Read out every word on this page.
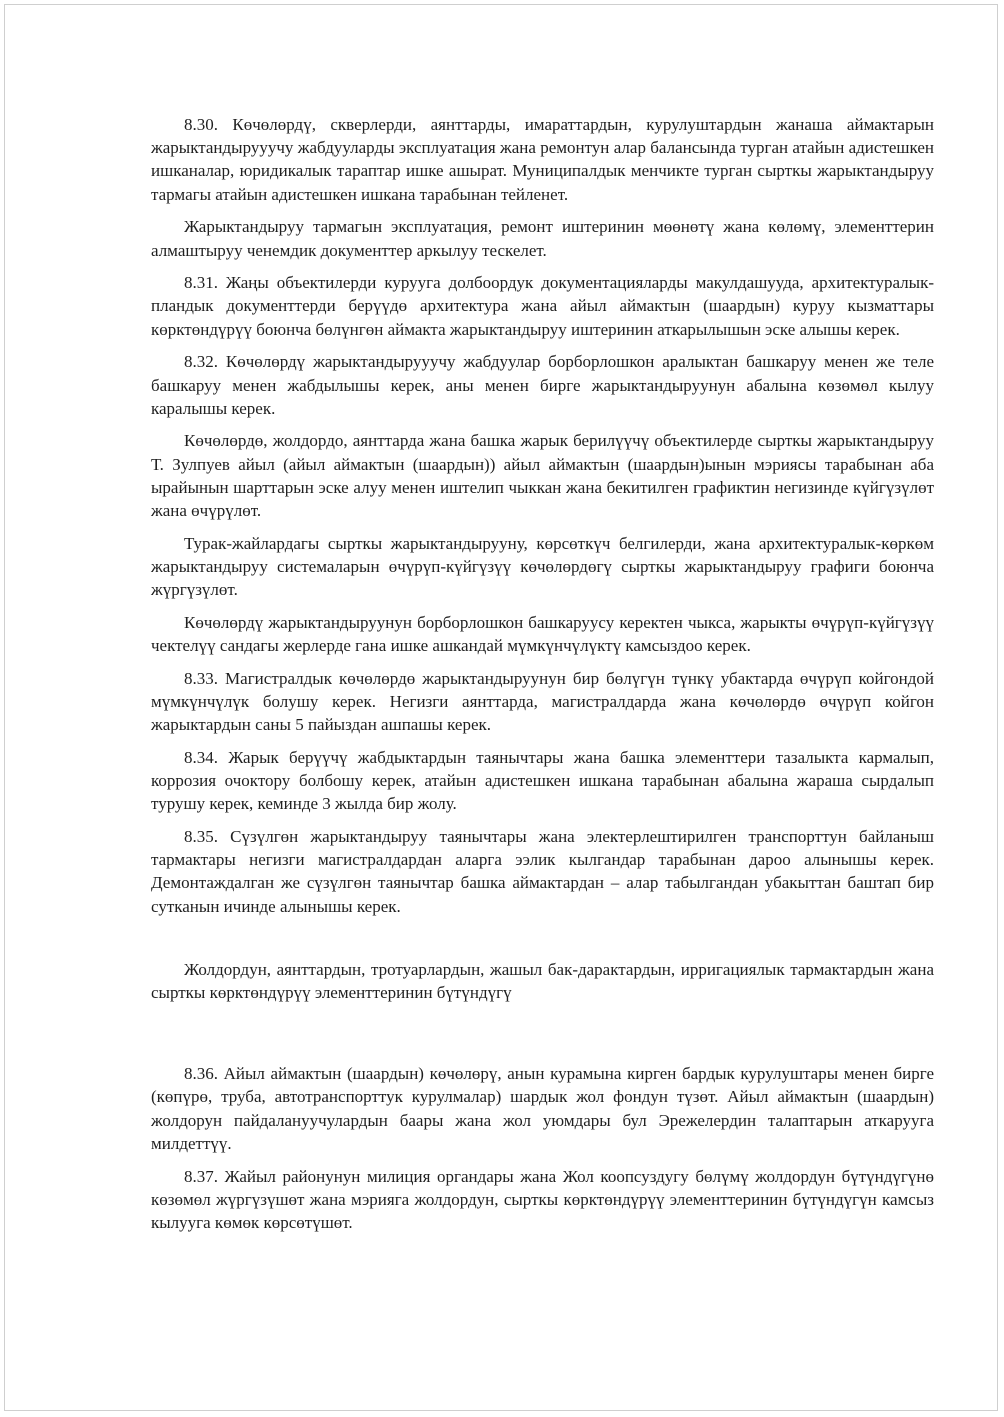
8.30. Көчөлөрдү, скверлерди, аянттарды, имараттардын, курулуштардын жанаша аймактарын жарыктандырууучу жабдууларды эксплуатация жана ремонтун алар балансында турган атайын адистешкен ишканалар, юридикалык тараптар ишке ашырат. Муниципалдык менчикте турган сырткы жарыктандыруу тармагы атайын адистешкен ишкана тарабынан тейленет.

Жарыктандыруу тармагын эксплуатация, ремонт иштеринин мөөнөтү жана көлөмү, элементтерин алмаштыруу ченемдик документтер аркылуу тескелет.

8.31. Жаңы объектилерди курууга долбоордук документацияларды макулдашууда, архитектуралык-пландык документтерди берүүдө архитектура жана айыл аймактын (шаардын) куруу кызматтары көрктөндүрүү боюнча бөлүнгөн аймакта жарыктандыруу иштеринин аткарылышын эске алышы керек.

8.32. Көчөлөрдү жарыктандырууучу жабдуулар борборлошкон аралыктан башкаруу менен же теле башкаруу менен жабдылышы керек, аны менен бирге жарыктандыруунун абалына көзөмөл кылуу каралышы керек.

Көчөлөрдө, жолдордо, аянттарда жана башка жарык берилүүчү объектилерде сырткы жарыктандыруу Т. Зулпуев айыл (айыл аймактын (шаардын)) айыл аймактын (шаардын)ынын мэриясы тарабынан аба ырайынын шарттарын эске алуу менен иштелип чыккан жана бекитилген графиктин негизинде күйгүзүлөт жана өчүрүлөт.

Турак-жайлардагы сырткы жарыктандырууну, көрсөткүч белгилерди, жана архитектуралык-көркөм жарыктандыруу системаларын өчүрүп-күйгүзүү көчөлөрдөгү сырткы жарыктандыруу графиги боюнча жүргүзүлөт.

Көчөлөрдү жарыктандыруунун борборлошкон башкаруусу керектен чыкса, жарыкты өчүрүп-күйгүзүү чектелүү сандагы жерлерде гана ишке ашкандай мүмкүнчүлүктү камсыздоо керек.

8.33. Магистралдык көчөлөрдө жарыктандыруунун бир бөлүгүн түнкү убактарда өчүрүп койгондой мүмкүнчүлүк болушу керек. Негизги аянттарда, магистралдарда жана көчөлөрдө өчүрүп койгон жарыктардын саны 5 пайыздан ашпашы керек.

8.34. Жарык берүүчү жабдыктардын таянычтары жана башка элементтери тазалыкта кармалып, коррозия очоктору болбошу керек, атайын адистешкен ишкана тарабынан абалына жараша сырдалып турушу керек, кеминде 3 жылда бир жолу.

8.35. Сүзүлгөн жарыктандыруу таянычтары жана электерлештирилген транспорттун байланыш тармактары негизги магистралдардан аларга ээлик кылгандар тарабынан дароо алынышы керек. Демонтаждалган же сүзүлгөн таянычтар башка аймактардан – алар табылгандан убакыттан баштап бир сутканын ичинде алынышы керек.

Жолдордун, аянттардын, тротуарлардын, жашыл бак-дарактардын, ирригациялык тармактардын жана сырткы көрктөндүрүү элементтеринин бүтүндүгү

8.36. Айыл аймактын (шаардын) көчөлөрү, анын курамына кирген бардык курулуштары менен бирге (көпүрө, труба, автотранспорттук курулмалар) шардык жол фондун түзөт. Айыл аймактын (шаардын) жолдорун пайдалануучулардын баары жана жол уюмдары бул Эрежелердин талаптарын аткарууга милдеттүү.

8.37. Жайыл районунун милиция органдары жана Жол коопсуздугу бөлүмү жолдордун бүтүндүгүнө көзөмөл жүргүзүшөт жана мэрияга жолдордун, сырткы көрктөндүрүү элементтеринин бүтүндүгүн камсыз кылууга көмөк көрсөтүшөт.
